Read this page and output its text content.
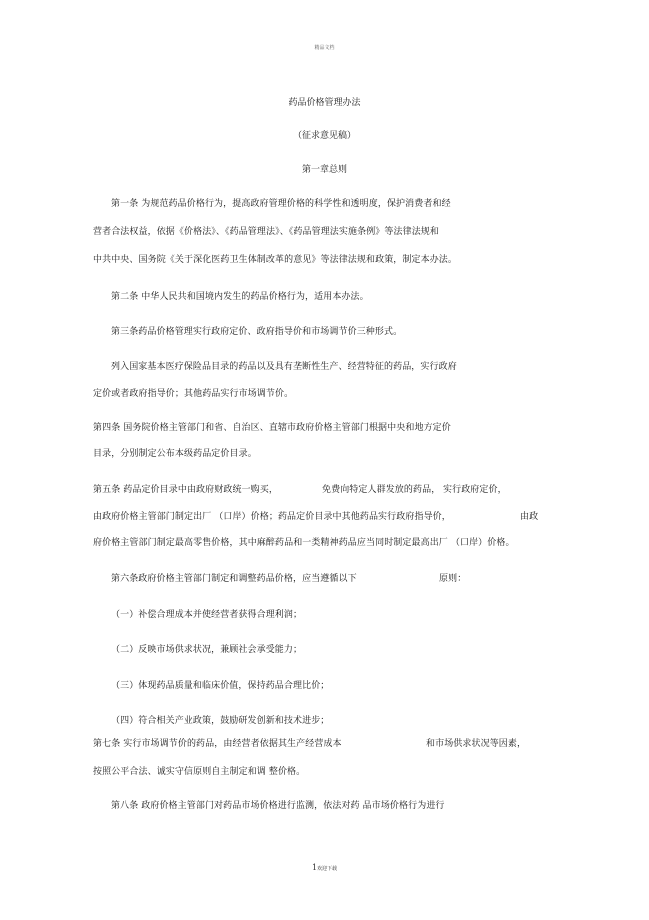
精品文档
药品价格管理办法
（征求意见稿）
第一章总则
第一条 为规范药品价格行为，提高政府管理价格的科学性和透明度，保护消费者和经
营者合法权益，依据《价格法》、《药品管理法》、《药品管理法实施条例》等法律法规和
中共中央、国务院《关于深化医药卫生体制改革的意见》等法律法规和政策，制定本办法。
第二条 中华人民共和国境内发生的药品价格行为，适用本办法。
第三条药品价格管理实行政府定价、政府指导价和市场调节价三种形式。
列入国家基本医疗保险品目录的药品以及具有垄断性生产、经营特征的药品，实行政府
定价或者政府指导价；其他药品实行市场调节价。
第四条 国务院价格主管部门和省、自治区、直辖市政府价格主管部门根据中央和地方定价
目录，分别制定公布本级药品定价目录。
第五条 药品定价目录中由政府财政统一购买，	免费向特定人群发放的药品， 实行政府定价，
由政府价格主管部门制定出厂 （口岸）价格；药品定价目录中其他药品实行政府指导价，	由政
府价格主管部门制定最高零售价格，其中麻醉药品和一类精神药品应当同时制定最高出厂 （口岸）价格。
第六条政府价格主管部门制定和调整药品价格，应当遵循以下	原则：
（一）补偿合理成本并使经营者获得合理利润；
（二）反映市场供求状况，兼顾社会承受能力；
（三）体现药品质量和临床价值，保持药品合理比价；
（四）符合相关产业政策，鼓励研发创新和技术进步；
第七条 实行市场调节价的药品，由经营者依据其生产经营成本	和市场供求状况等因素，
按照公平合法、诚实守信原则自主制定和调 整价格。
第八条 政府价格主管部门对药品市场价格进行监测，依法对药 品市场价格行为进行
1欢迎下载
